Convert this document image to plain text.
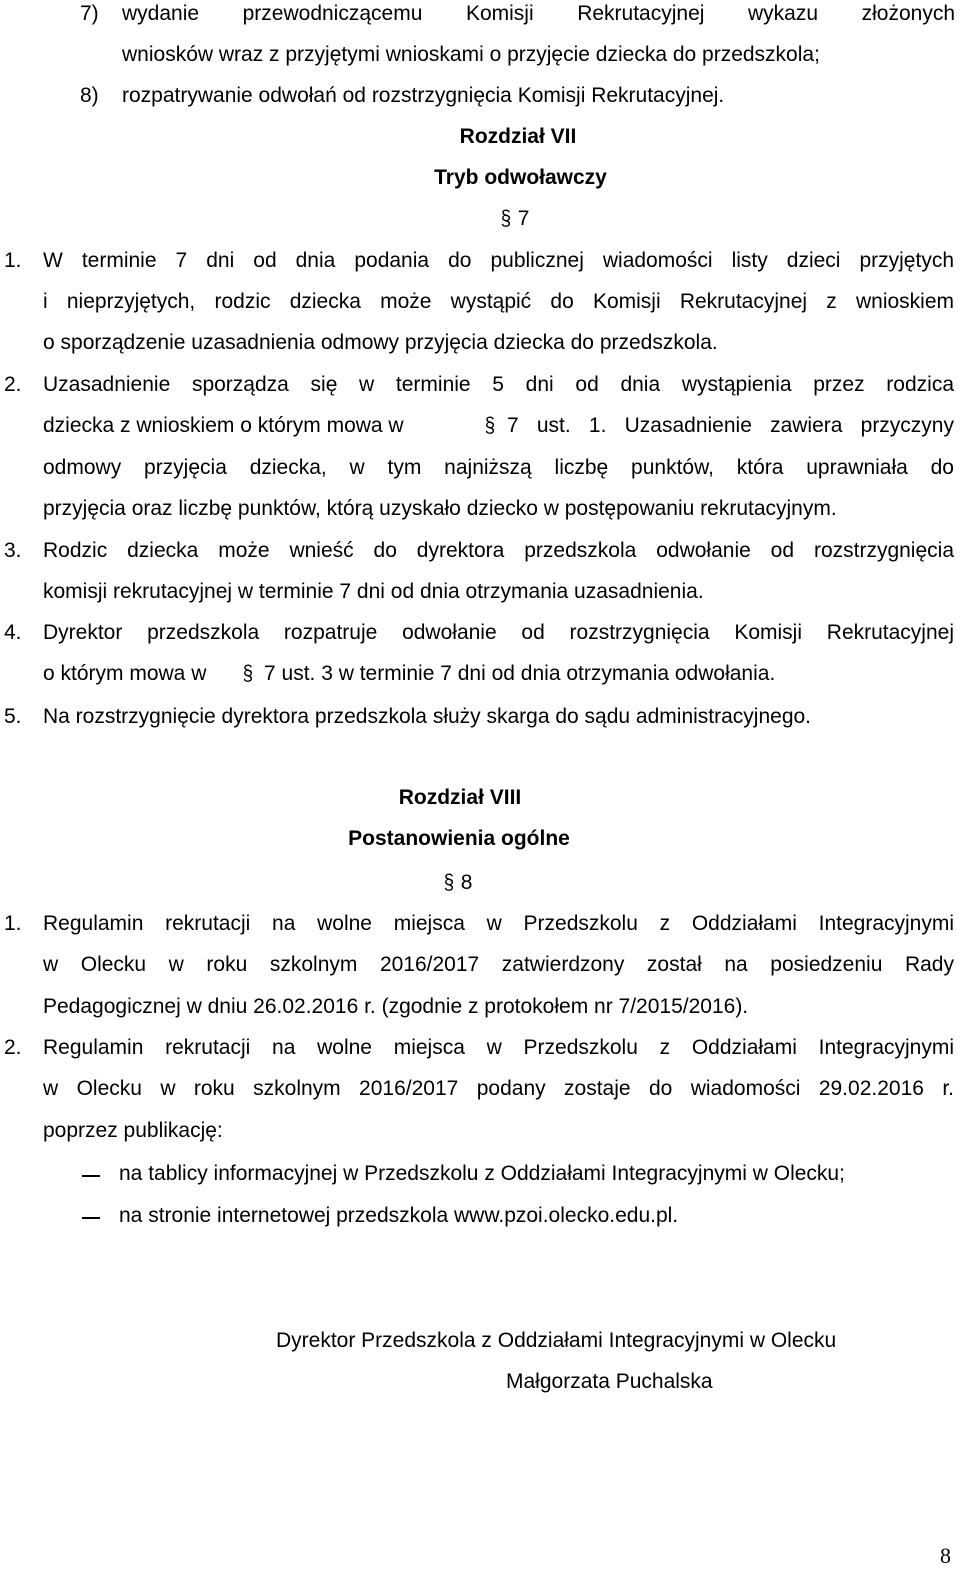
7) wydanie przewodniczącemu Komisji Rekrutacyjnej wykazu złożonych
wniosków wraz z przyjętymi wnioskami o przyjęcie dziecka do przedszkola;
8) rozpatrywanie odwołań od rozstrzygnięcia Komisji Rekrutacyjnej.
Rozdział VII
Tryb odwoławczy
§ 7
1. W terminie 7 dni od dnia podania do publicznej wiadomości listy dzieci przyjętych
i nieprzyjętych, rodzic dziecka może wystąpić do Komisji Rekrutacyjnej z wnioskiem
o sporządzenie uzasadnienia odmowy przyjęcia dziecka do przedszkola.
2. Uzasadnienie sporządza się w terminie 5 dni od dnia wystąpienia przez rodzica
dziecka z wnioskiem o którym mowa w	§ 7 ust. 1. Uzasadnienie zawiera przyczyny
odmowy przyjęcia dziecka, w tym najniższą liczbę punktów, która uprawniała do
przyjęcia oraz liczbę punktów, którą uzyskało dziecko w postępowaniu rekrutacyjnym.
3. Rodzic dziecka może wnieść do dyrektora przedszkola odwołanie od rozstrzygnięcia
komisji rekrutacyjnej w terminie 7 dni od dnia otrzymania uzasadnienia.
4. Dyrektor przedszkola rozpatruje odwołanie od rozstrzygnięcia Komisji Rekrutacyjnej
o którym mowa w § 7 ust. 3 w terminie 7 dni od dnia otrzymania odwołania.
5. Na rozstrzygnięcie dyrektora przedszkola służy skarga do sądu administracyjnego.
Rozdział VIII
Postanowienia ogólne
§ 8
1. Regulamin rekrutacji na wolne miejsca w Przedszkolu z Oddziałami Integracyjnymi
w Olecku w roku szkolnym 2016/2017 zatwierdzony został na posiedzeniu Rady
Pedagogicznej w dniu 26.02.2016 r. (zgodnie z protokołem nr 7/2015/2016).
2. Regulamin rekrutacji na wolne miejsca w Przedszkolu z Oddziałami Integracyjnymi
w Olecku w roku szkolnym 2016/2017 podany zostaje do wiadomości 29.02.2016 r.
poprzez publikację:
na tablicy informacyjnej w Przedszkolu z Oddziałami Integracyjnymi w Olecku;
na stronie internetowej przedszkola www.pzoi.olecko.edu.pl.
Dyrektor Przedszkola z Oddziałami Integracyjnymi w Olecku
Małgorzata Puchalska
8
